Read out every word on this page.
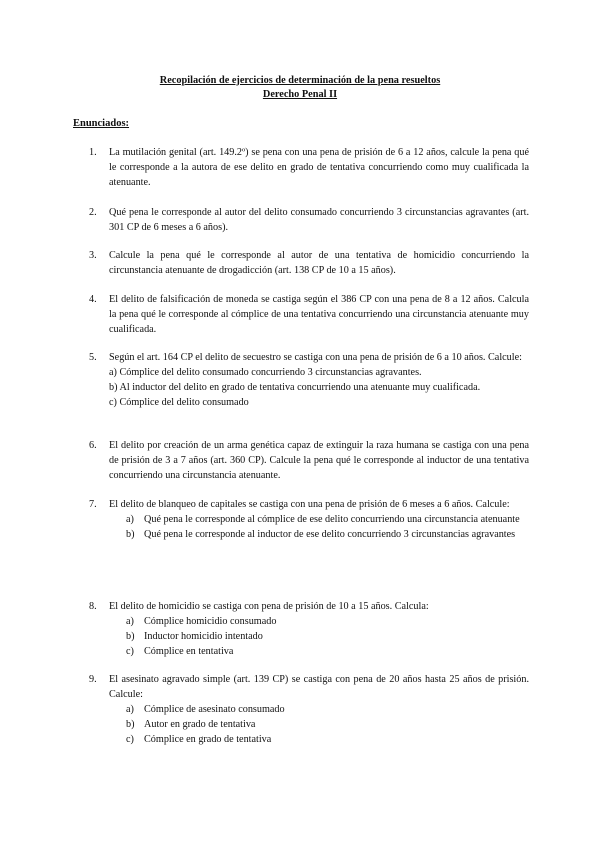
Recopilación de ejercicios de determinación de la pena resueltos
Derecho Penal II
Enunciados:
1.	La mutilación genital (art. 149.2º) se pena con una pena de prisión de 6 a 12 años, calcule la pena qué le corresponde a la autora de ese delito en grado de tentativa concurriendo como muy cualificada la atenuante.
2.	Qué pena le corresponde al autor del delito consumado concurriendo 3 circunstancias agravantes (art. 301 CP de 6 meses a 6 años).
3.	Calcule la pena qué le corresponde al autor de una tentativa de homicidio concurriendo la circunstancia atenuante de drogadicción (art. 138 CP de 10 a 15 años).
4.	El delito de falsificación de moneda se castiga según el 386 CP con una pena de 8 a 12 años. Calcula la pena qué le corresponde al cómplice de una tentativa concurriendo una circunstancia atenuante muy cualificada.
5.	Según el art. 164 CP el delito de secuestro se castiga con una pena de prisión de 6 a 10 años. Calcule:
a) Cómplice del delito consumado concurriendo 3 circunstancias agravantes.
b) Al inductor del delito en grado de tentativa concurriendo una atenuante muy cualificada.
c) Cómplice del delito consumado
6.	El delito por creación de un arma genética capaz de extinguir la raza humana se castiga con una pena de prisión de 3 a 7 años (art. 360 CP). Calcule la pena qué le corresponde al inductor de una tentativa concurriendo una circunstancia atenuante.
7.	El delito de blanqueo de capitales se castiga con una pena de prisión de 6 meses a 6 años. Calcule:
a) Qué pena le corresponde al cómplice de ese delito concurriendo una circunstancia atenuante
b) Qué pena le corresponde al inductor de ese delito concurriendo 3 circunstancias agravantes
8.	El delito de homicidio se castiga con pena de prisión de 10 a 15 años. Calcula:
a) Cómplice homicidio consumado
b) Inductor homicidio intentado
c) Cómplice en tentativa
9.	El asesinato agravado simple (art. 139 CP) se castiga con pena de 20 años hasta 25 años de prisión. Calcule:
a) Cómplice de asesinato consumado
b) Autor en grado de tentativa
c) Cómplice en grado de tentativa
